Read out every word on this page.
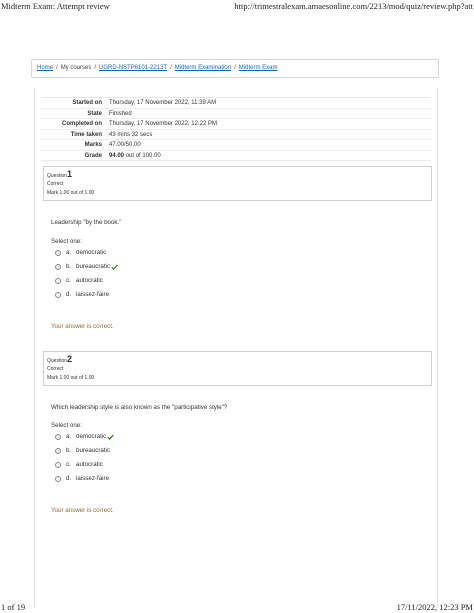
Midterm Exam: Attempt review	http://trimestralexam.amaesonline.com/2213/mod/quiz/review.php?att
Home / My courses / UGRD-NSTP6101-2213T / Midterm Examination / Midterm Exam
Started on	Thursday, 17 November 2022, 11:39 AM
State	Finished
Completed on	Thursday, 17 November 2022, 12:22 PM
Time taken	43 mins 32 secs
Marks	47.00/50.00
Grade	94.00 out of 100.00
Question1
Correct
Mark 1.00 out of 1.00
Leadership "by the book."
Select one:
a. democratic
b. bureaucratic
c. autocratic
d. laissez-faire
Your answer is correct.
Question2
Correct
Mark 1.00 out of 1.00
Which leadership style is also known as the "participative style"?
Select one:
a. democratic
b. bureaucratic
c. autocratic
d. laissez-faire
Your answer is correct.
1 of 19	17/11/2022, 12:23 PM
